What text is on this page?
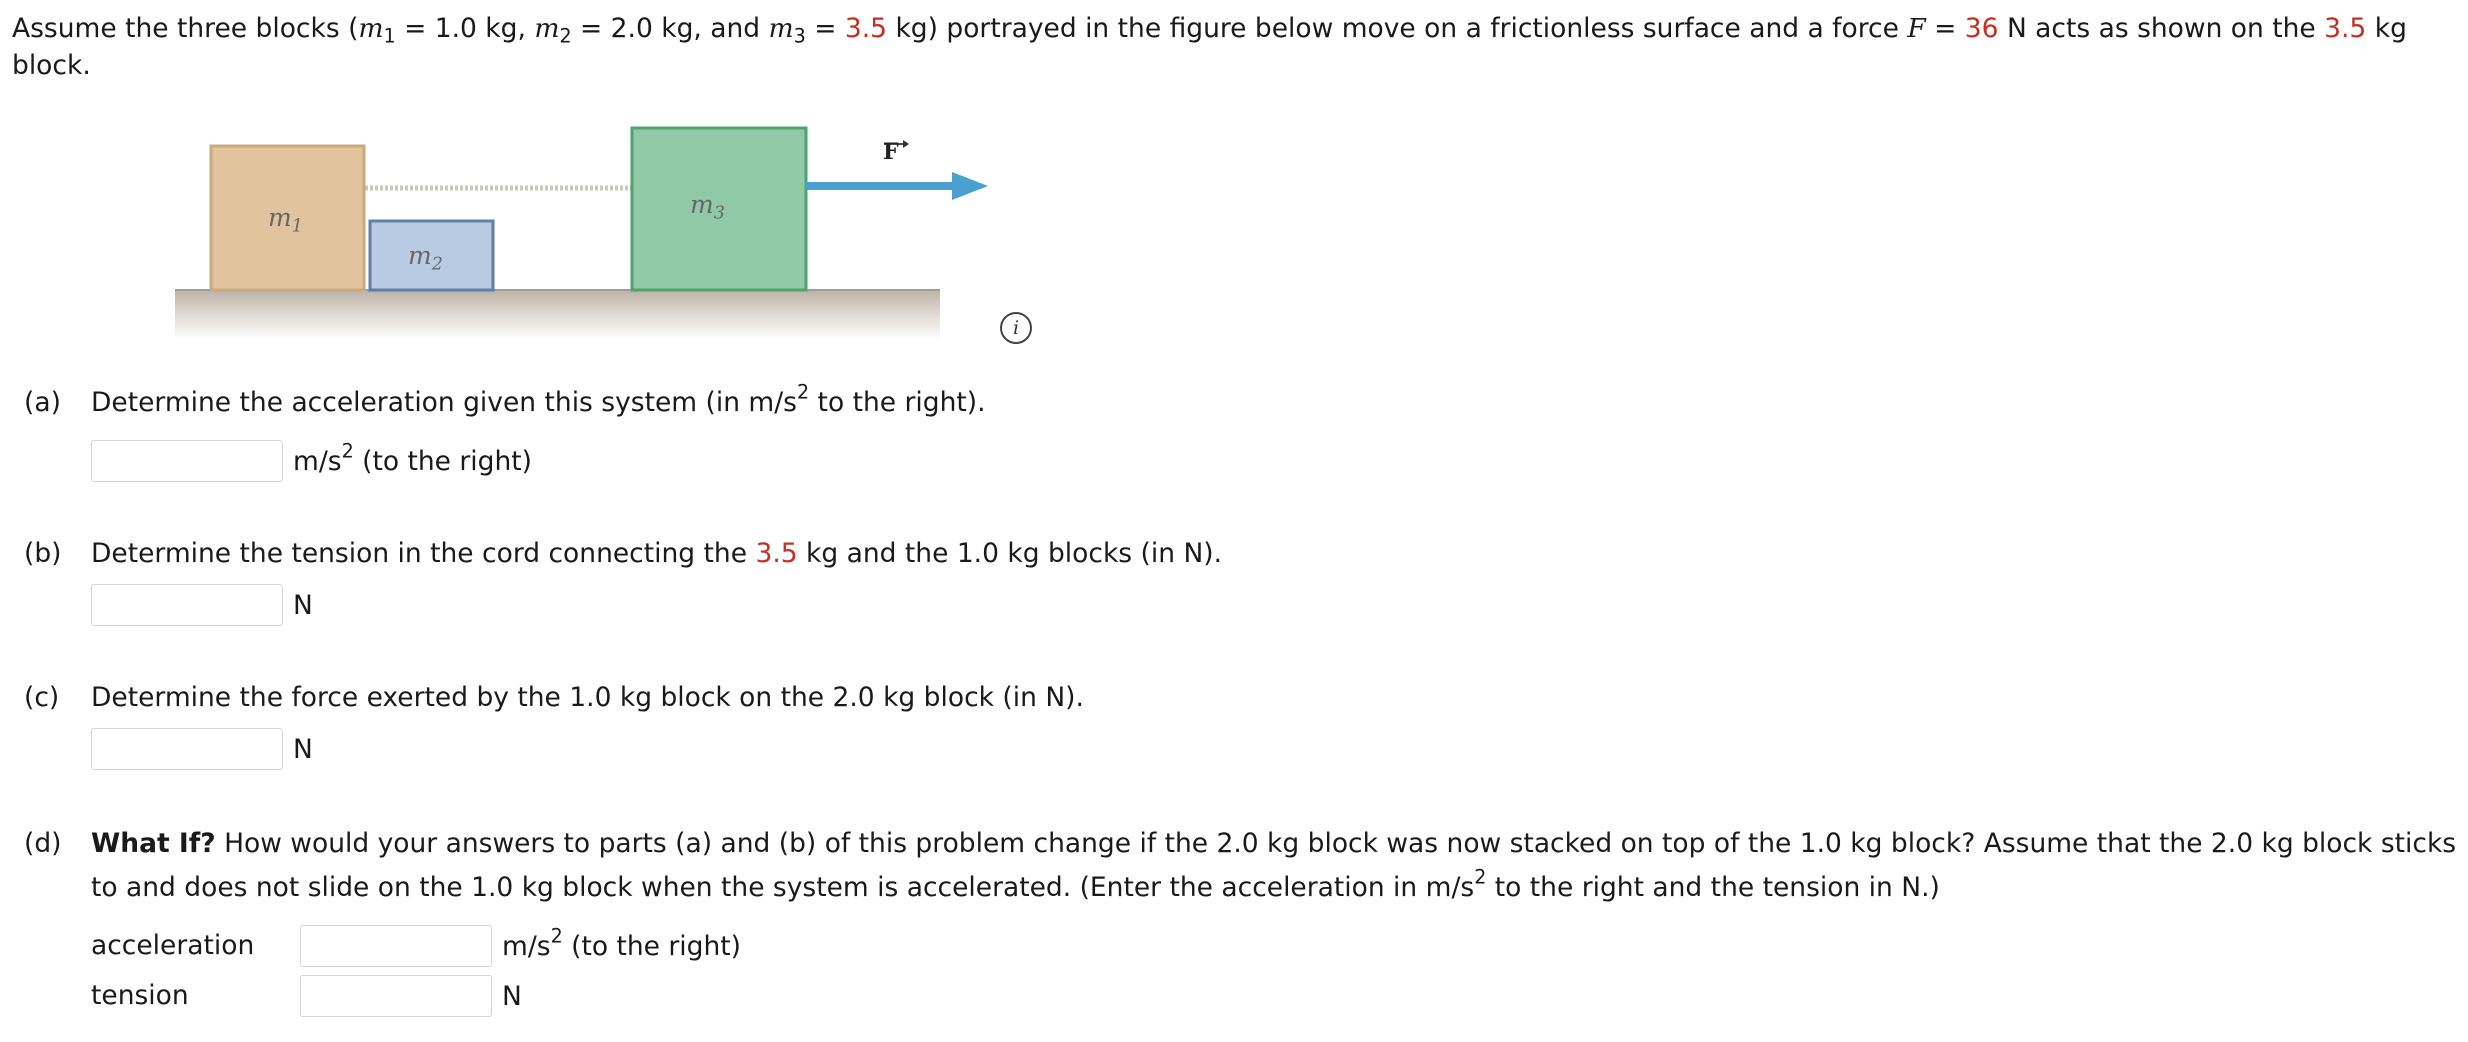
Assume the three blocks ($m_1 = 1.0$ kg, $m_2 = 2.0$ kg, and $m_3 = 3.5$ kg) portrayed in the figure below move on a frictionless surface and a force F = 36 N acts as shown on the 3.5 kg block.
$m_1$
$m_2$
$m_3$
F
i
(a) Determine the acceleration given this system (in $m/s^2$ to the right).
$m/s^2$ (to the right)
(b) Determine the tension in the cord connecting the 3.5 kg and the 1.0 kg blocks (in N).
N
(c) Determine the force exerted by the 1.0 kg block on the 2.0 kg block (in N).
N
(d) What If? How would your answers to parts (a) and (b) of this problem change if the 2.0 kg block was now stacked on top of the 1.0 kg block? Assume that the 2.0 kg block sticks to and does not slide on the 1.0 kg block when the system is accelerated. (Enter the acceleration in $m/s^2$ to the right and the tension in N.)
acceleration	$m/s^2$ (to the right)
tension	N
